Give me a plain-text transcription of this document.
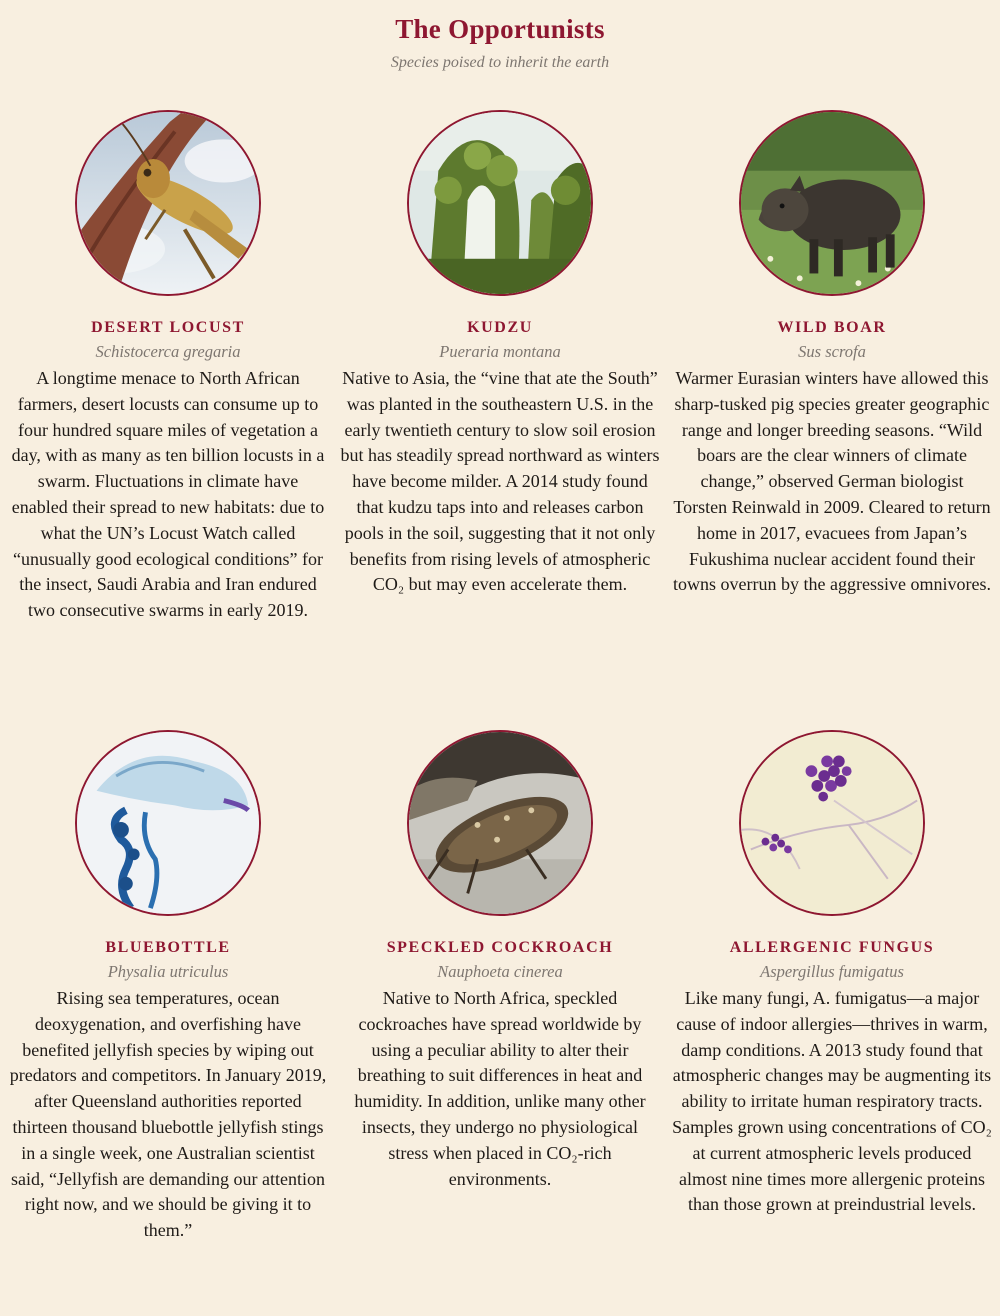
The Opportunists
Species poised to inherit the earth
DESERT LOCUST
Schistocerca gregaria
A longtime menace to North African farmers, desert locusts can consume up to four hundred square miles of vegetation a day, with as many as ten billion locusts in a swarm. Fluctuations in climate have enabled their spread to new habitats: due to what the UN’s Locust Watch called “unusually good ecological conditions” for the insect, Saudi Arabia and Iran endured two consecutive swarms in early 2019.
KUDZU
Pueraria montana
Native to Asia, the “vine that ate the South” was planted in the southeastern U.S. in the early twentieth century to slow soil erosion but has steadily spread northward as winters have become milder. A 2014 study found that kudzu taps into and releases carbon pools in the soil, suggesting that it not only benefits from rising levels of atmospheric CO₂ but may even accelerate them.
WILD BOAR
Sus scrofa
Warmer Eurasian winters have allowed this sharp-tusked pig species greater geographic range and longer breeding seasons. “Wild boars are the clear winners of climate change,” observed German biologist Torsten Reinwald in 2009. Cleared to return home in 2017, evacuees from Japan’s Fukushima nuclear accident found their towns overrun by the aggressive omnivores.
BLUEBOTTLE
Physalia utriculus
Rising sea temperatures, ocean deoxygenation, and overfishing have benefited jellyfish species by wiping out predators and competitors. In January 2019, after Queensland authorities reported thirteen thousand bluebottle jellyfish stings in a single week, one Australian scientist said, “Jellyfish are demanding our attention right now, and we should be giving it to them.”
SPECKLED COCKROACH
Nauphoeta cinerea
Native to North Africa, speckled cockroaches have spread worldwide by using a peculiar ability to alter their breathing to suit differences in heat and humidity. In addition, unlike many other insects, they undergo no physiological stress when placed in CO₂-rich environments.
ALLERGENIC FUNGUS
Aspergillus fumigatus
Like many fungi, A. fumigatus—a major cause of indoor allergies—thrives in warm, damp conditions. A 2013 study found that atmospheric changes may be augmenting its ability to irritate human respiratory tracts. Samples grown using concentrations of CO₂ at current atmospheric levels produced almost nine times more allergenic proteins than those grown at preindustrial levels.
